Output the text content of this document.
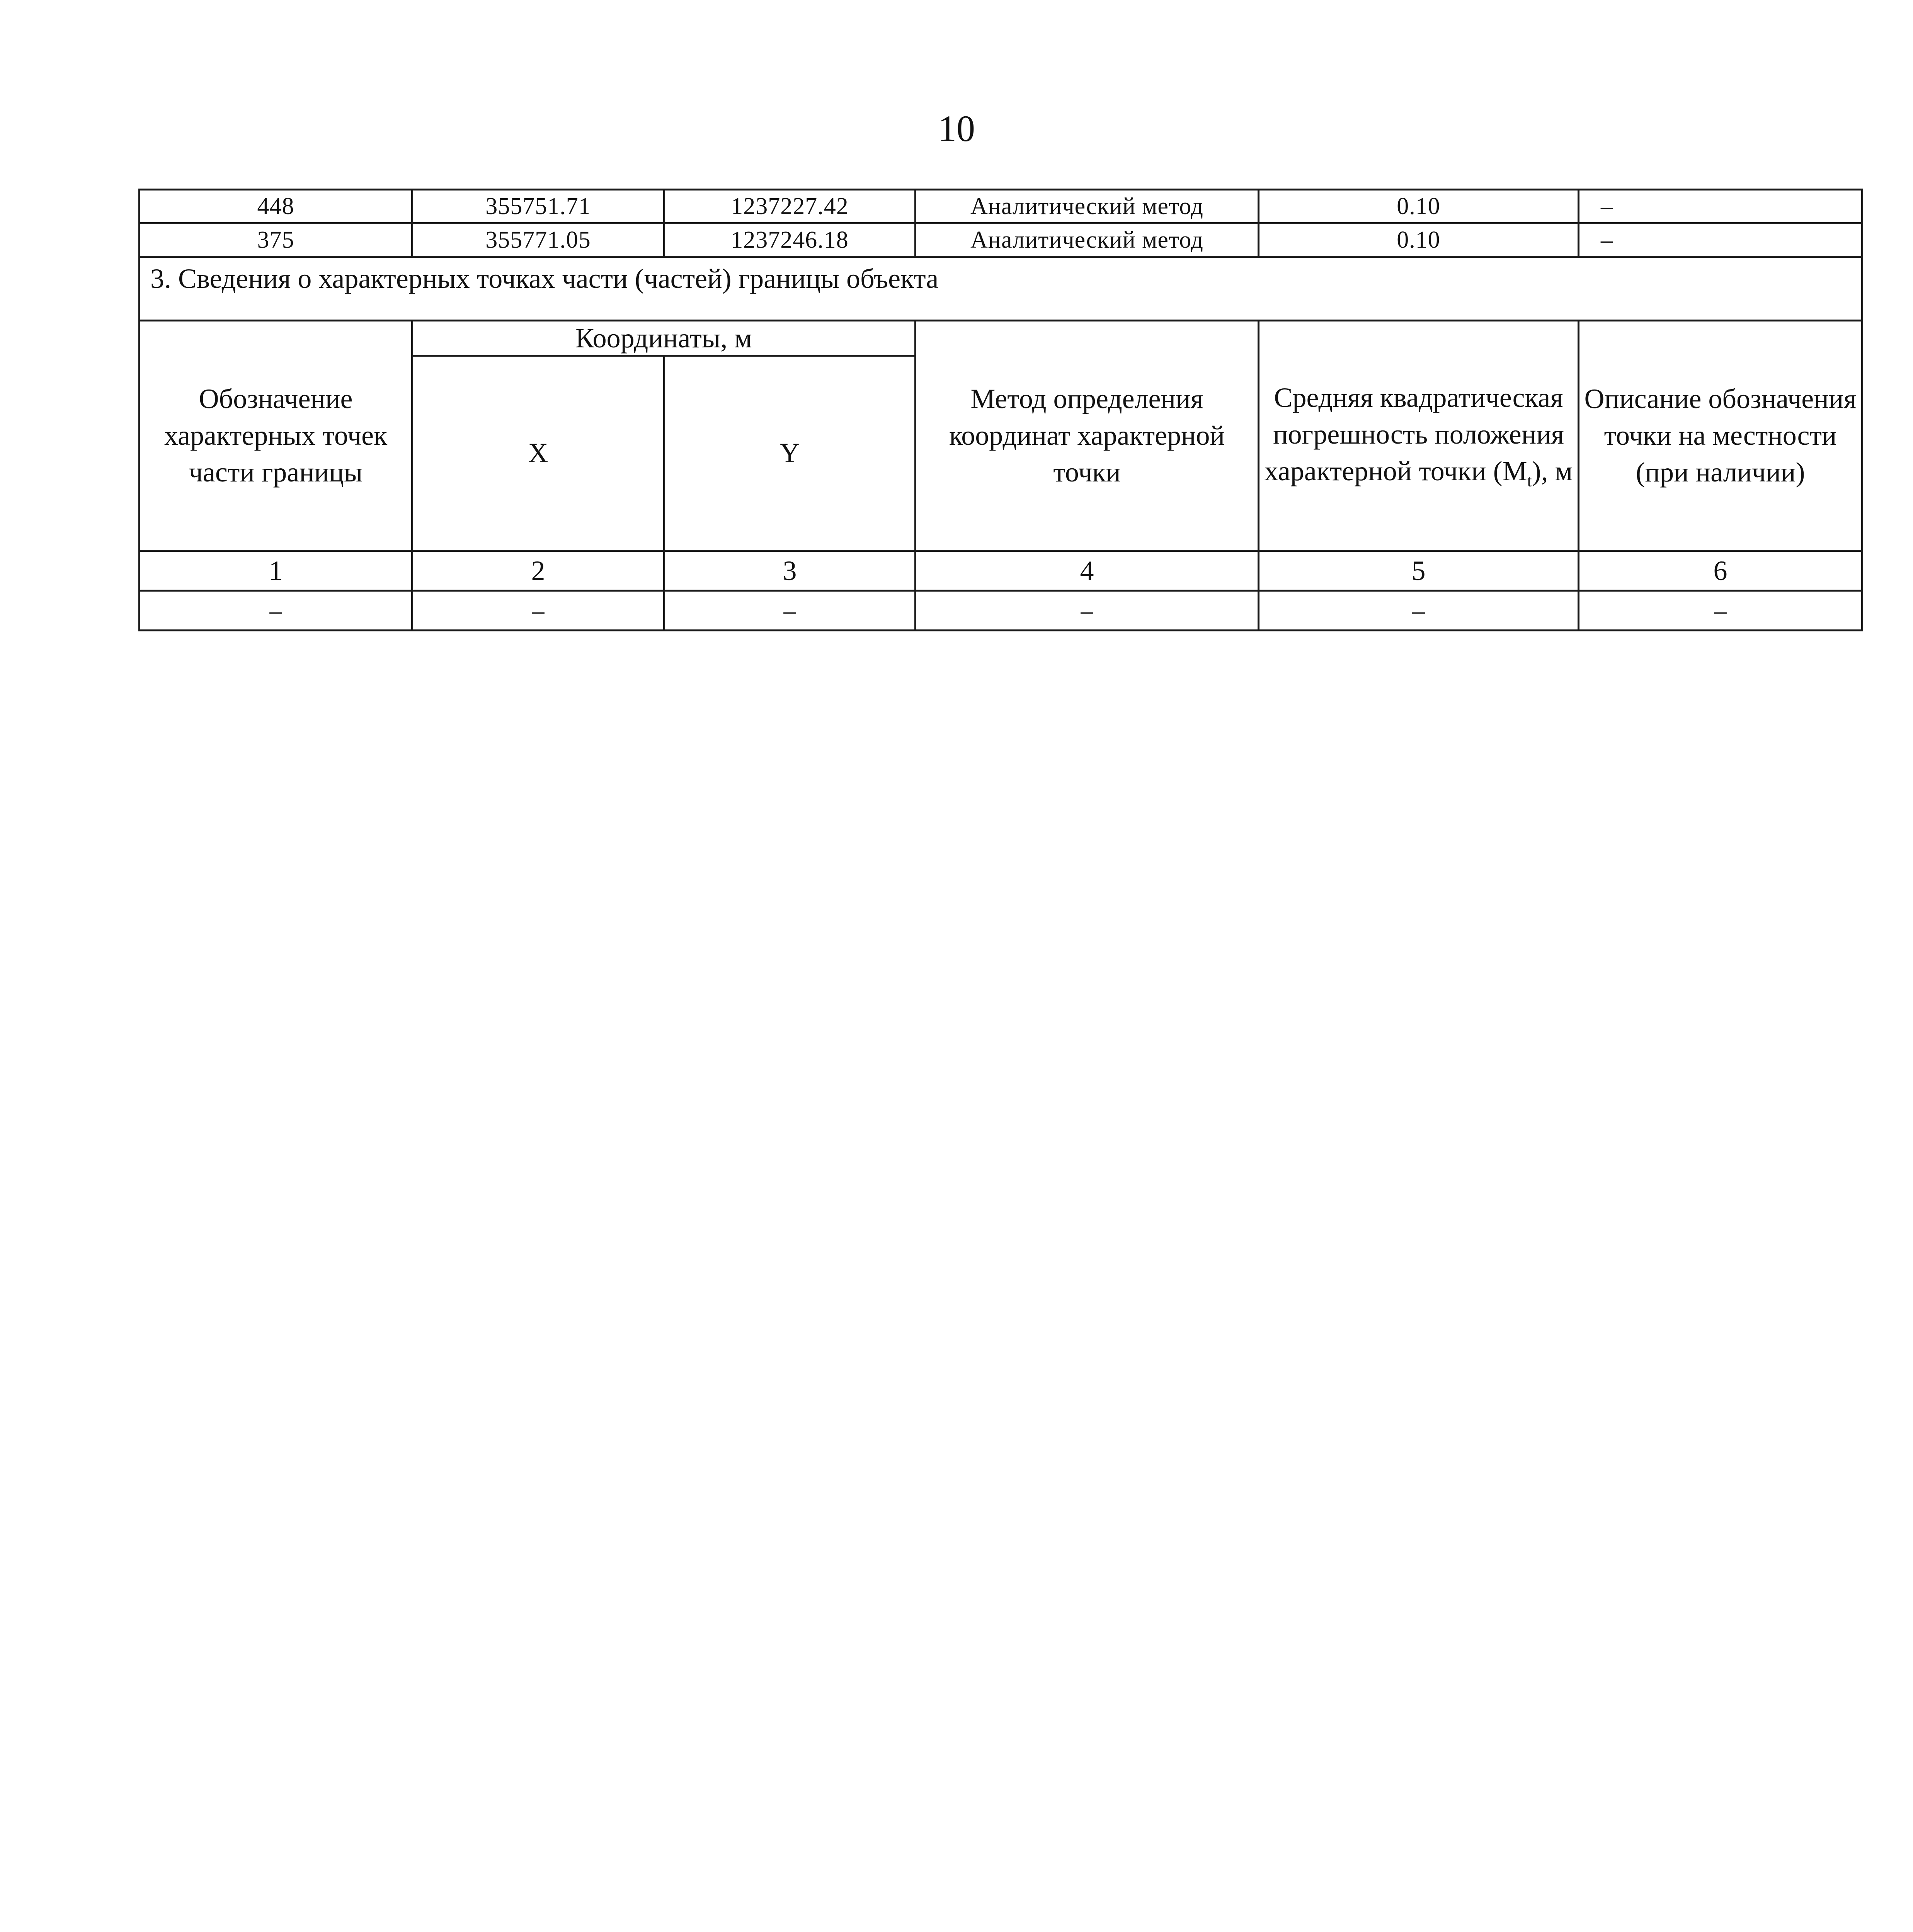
10
448	355751.71	1237227.42	Аналитический метод	0.10	–
375	355771.05	1237246.18	Аналитический метод	0.10	–
3. Сведения о характерных точках части (частей) границы объекта					
Обозначение характерных точек части границы	Координаты, м		Метод определения координат характерной точки	Средняя квадратическая погрешность положения характерной точки $(M_t)$, м	Описание обозначения точки на местности (при наличии)
	X	Y			
1	2	3	4	5	6
–	–	–	–	–	–
